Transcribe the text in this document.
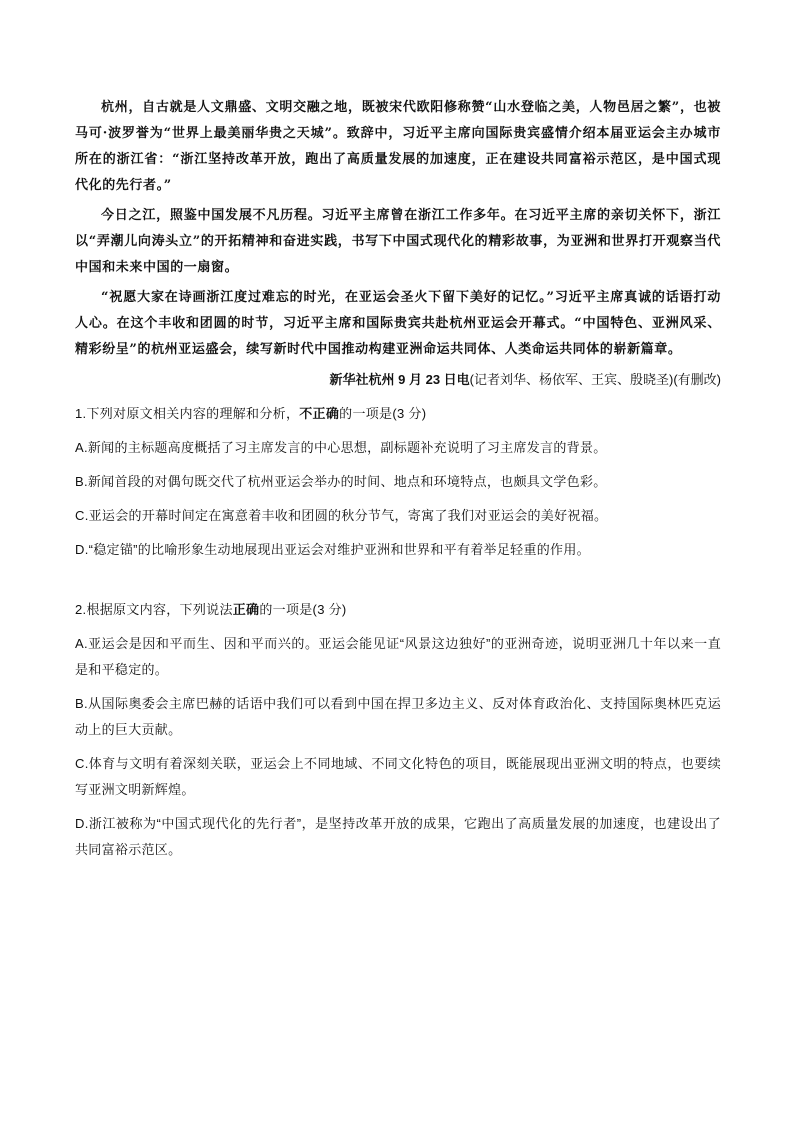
杭州，自古就是人文鼎盛、文明交融之地，既被宋代欧阳修称赞“山水登临之美，人物邑居之繁”，也被马可·波罗誉为“世界上最美丽华贵之天城”。致辞中，习近平主席向国际贵宾盛情介绍本届亚运会主办城市所在的浙江省：“浙江坚持改革开放，跑出了高质量发展的加速度，正在建设共同富裕示范区，是中国式现代化的先行者。”

今日之江，照鉴中国发展不凡历程。习近平主席曾在浙江工作多年。在习近平主席的亲切关怀下，浙江以“弄潮儿向涛头立”的开拓精神和奋进实践，书写下中国式现代化的精彩故事，为亚洲和世界打开观察当代中国和未来中国的一扇窗。

“祝愿大家在诗画浙江度过难忘的时光，在亚运会圣火下留下美好的记忆。”习近平主席真诚的话语打动人心。在这个丰收和团圆的时节，习近平主席和国际贵宾共赴杭州亚运会开幕式。“中国特色、亚洲风采、精彩纷呈”的杭州亚运盛会，续写新时代中国推动构建亚洲命运共同体、人类命运共同体的崭新篇章。

新华社杭州 9 月 23 日电(记者刘华、杨依军、王宾、殷晓圣)(有删改)
1.下列对原文相关内容的理解和分析，不正确的一项是(3 分)
A.新闻的主标题高度概括了习主席发言的中心思想，副标题补充说明了习主席发言的背景。
B.新闻首段的对偶句既交代了杭州亚运会举办的时间、地点和环境特点，也颇具文学色彩。
C.亚运会的开幕时间定在寓意着丰收和团圆的秋分节气，寄寓了我们对亚运会的美好祝福。
D.“稳定锚”的比喻形象生动地展现出亚运会对维护亚洲和世界和平有着举足轻重的作用。
2.根据原文内容，下列说法正确的一项是(3 分)
A.亚运会是因和平而生、因和平而兴的。亚运会能见证“风景这边独好”的亚洲奇迹，说明亚洲几十年以来一直是和平稳定的。
B.从国际奥委会主席巴赫的话语中我们可以看到中国在捍卫多边主义、反对体育政治化、支持国际奥林匹克运动上的巨大贡献。
C.体育与文明有着深刻关联，亚运会上不同地域、不同文化特色的项目，既能展现出亚洲文明的特点，也要续写亚洲文明新辉煌。
D.浙江被称为“中国式现代化的先行者”，是坚持改革开放的成果，它跑出了高质量发展的加速度，也建设出了共同富裕示范区。
